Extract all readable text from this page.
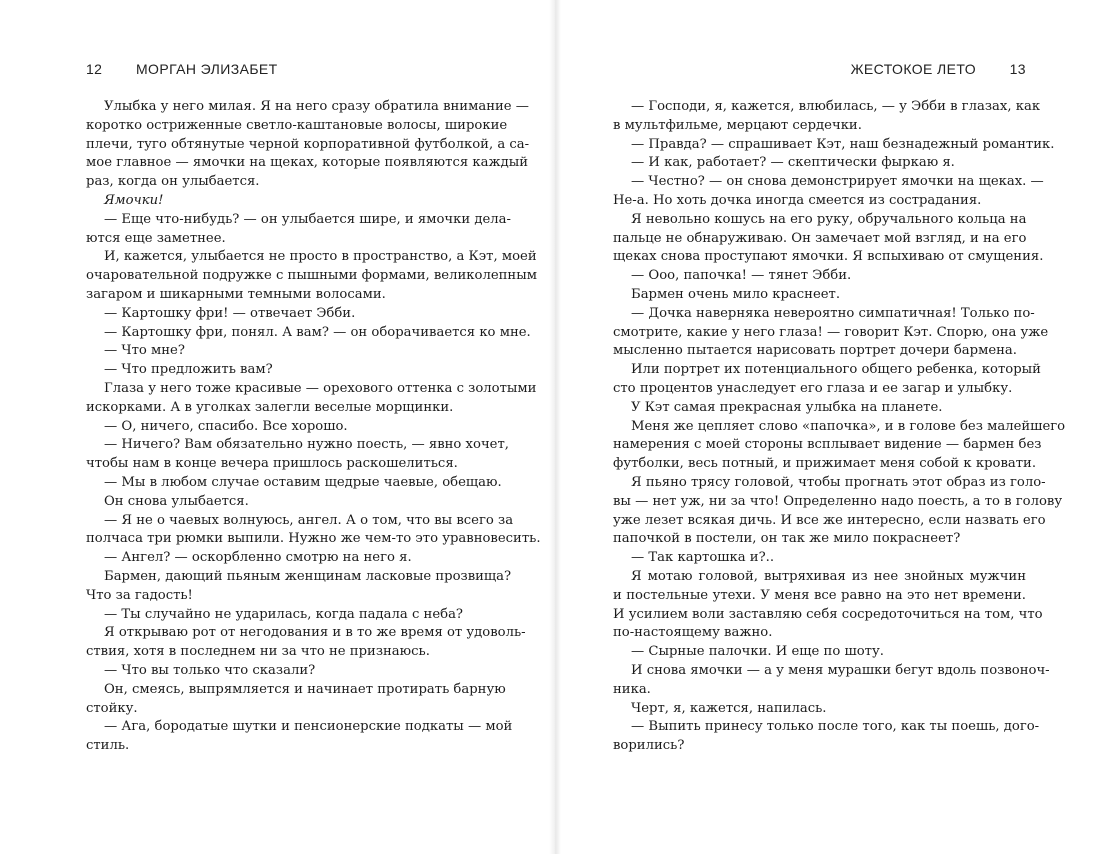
12 МОРГАН ЭЛИЗАБЕТ
Улыбка у него милая. Я на него сразу обратила внимание —
коротко остриженные светло-каштановые волосы, широкие
плечи, туго обтянутые черной корпоративной футболкой, а са-
мое главное — ямочки на щеках, которые появляются каждый
раз, когда он улыбается.
Ямочки!
— Еще что-нибудь? — он улыбается шире, и ямочки дела-
ются еще заметнее.
И, кажется, улыбается не просто в пространство, а Кэт, моей
очаровательной подружке с пышными формами, великолепным
загаром и шикарными темными волосами.
— Картошку фри! — отвечает Эбби.
— Картошку фри, понял. А вам? — он оборачивается ко мне.
— Что мне?
— Что предложить вам?
Глаза у него тоже красивые — орехового оттенка с золотыми
искорками. А в уголках залегли веселые морщинки.
— О, ничего, спасибо. Все хорошо.
— Ничего? Вам обязательно нужно поесть, — явно хочет,
чтобы нам в конце вечера пришлось раскошелиться.
— Мы в любом случае оставим щедрые чаевые, обещаю.
Он снова улыбается.
— Я не о чаевых волнуюсь, ангел. А о том, что вы всего за
полчаса три рюмки выпили. Нужно же чем-то это уравновесить.
— Ангел? — оскорбленно смотрю на него я.
Бармен, дающий пьяным женщинам ласковые прозвища?
Что за гадость!
— Ты случайно не ударилась, когда падала с неба?
Я открываю рот от негодования и в то же время от удоволь-
ствия, хотя в последнем ни за что не признаюсь.
— Что вы только что сказали?
Он, смеясь, выпрямляется и начинает протирать барную
стойку.
— Ага, бородатые шутки и пенсионерские подкаты — мой
стиль.
ЖЕСТОКОЕ ЛЕТО 13
— Господи, я, кажется, влюбилась, — у Эбби в глазах, как
в мультфильме, мерцают сердечки.
— Правда? — спрашивает Кэт, наш безнадежный романтик.
— И как, работает? — скептически фыркаю я.
— Честно? — он снова демонстрирует ямочки на щеках. —
Не-а. Но хоть дочка иногда смеется из сострадания.
Я невольно кошусь на его руку, обручального кольца на
пальце не обнаруживаю. Он замечает мой взгляд, и на его
щеках снова проступают ямочки. Я вспыхиваю от смущения.
— Ооо, папочка! — тянет Эбби.
Бармен очень мило краснеет.
— Дочка наверняка невероятно симпатичная! Только по-
смотрите, какие у него глаза! — говорит Кэт. Спорю, она уже
мысленно пытается нарисовать портрет дочери бармена.
Или портрет их потенциального общего ребенка, который
сто процентов унаследует его глаза и ее загар и улыбку.
У Кэт самая прекрасная улыбка на планете.
Меня же цепляет слово «папочка», и в голове без малейшего
намерения с моей стороны всплывает видение — бармен без
футболки, весь потный, и прижимает меня собой к кровати.
Я пьяно трясу головой, чтобы прогнать этот образ из голо-
вы — нет уж, ни за что! Определенно надо поесть, а то в голову
уже лезет всякая дичь. И все же интересно, если назвать его
папочкой в постели, он так же мило покраснеет?
— Так картошка и?..
Я мотаю головой, вытряхивая из нее знойных мужчин
и постельные утехи. У меня все равно на это нет времени.
И усилием воли заставляю себя сосредоточиться на том, что
по-настоящему важно.
— Сырные палочки. И еще по шоту.
И снова ямочки — а у меня мурашки бегут вдоль позвоноч-
ника.
Черт, я, кажется, напилась.
— Выпить принесу только после того, как ты поешь, дого-
ворились?
